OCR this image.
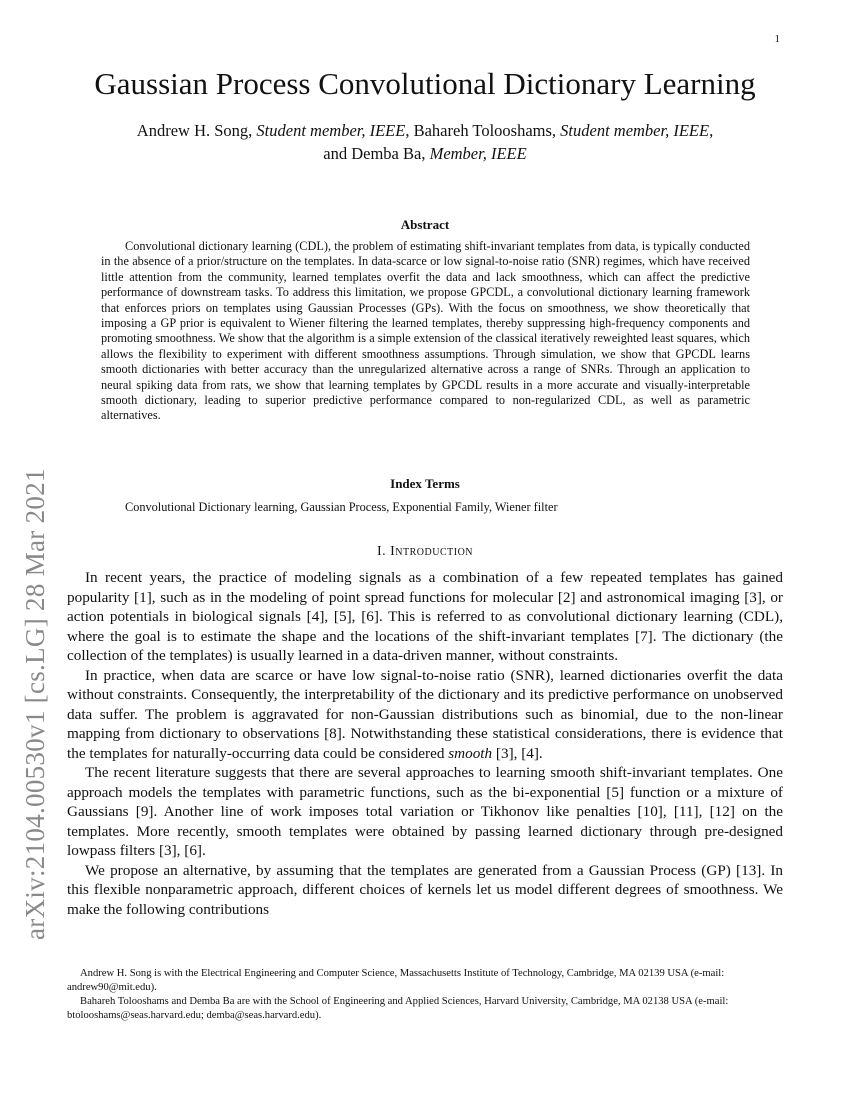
1
arXiv:2104.00530v1 [cs.LG] 28 Mar 2021
Gaussian Process Convolutional Dictionary Learning
Andrew H. Song, Student member, IEEE, Bahareh Tolooshams, Student member, IEEE,
and Demba Ba, Member, IEEE
Abstract

Convolutional dictionary learning (CDL), the problem of estimating shift-invariant templates from data, is typically conducted in the absence of a prior/structure on the templates. In data-scarce or low signal-to-noise ratio (SNR) regimes, which have received little attention from the community, learned templates overfit the data and lack smoothness, which can affect the predictive performance of downstream tasks. To address this limitation, we propose GPCDL, a convolutional dictionary learning framework that enforces priors on templates using Gaussian Processes (GPs). With the focus on smoothness, we show theoretically that imposing a GP prior is equivalent to Wiener filtering the learned templates, thereby suppressing high-frequency components and promoting smoothness. We show that the algorithm is a simple extension of the classical iteratively reweighted least squares, which allows the flexibility to experiment with different smoothness assumptions. Through simulation, we show that GPCDL learns smooth dictionaries with better accuracy than the unregularized alternative across a range of SNRs. Through an application to neural spiking data from rats, we show that learning templates by GPCDL results in a more accurate and visually-interpretable smooth dictionary, leading to superior predictive performance compared to non-regularized CDL, as well as parametric alternatives.

Index Terms

Convolutional Dictionary learning, Gaussian Process, Exponential Family, Wiener filter

I. Introduction

In recent years, the practice of modeling signals as a combination of a few repeated templates has gained popularity [1], such as in the modeling of point spread functions for molecular [2] and astronomical imaging [3], or action potentials in biological signals [4], [5], [6]. This is referred to as convolutional dictionary learning (CDL), where the goal is to estimate the shape and the locations of the shift-invariant templates [7]. The dictionary (the collection of the templates) is usually learned in a data-driven manner, without constraints.

In practice, when data are scarce or have low signal-to-noise ratio (SNR), learned dictionaries overfit the data without constraints. Consequently, the interpretability of the dictionary and its predictive performance on unobserved data suffer. The problem is aggravated for non-Gaussian distributions such as binomial, due to the non-linear mapping from dictionary to observations [8]. Notwithstanding these statistical considerations, there is evidence that the templates for naturally-occurring data could be considered smooth [3], [4].

The recent literature suggests that there are several approaches to learning smooth shift-invariant templates. One approach models the templates with parametric functions, such as the bi-exponential [5] function or a mixture of Gaussians [9]. Another line of work imposes total variation or Tikhonov like penalties [10], [11], [12] on the templates. More recently, smooth templates were obtained by passing learned dictionary through pre-designed lowpass filters [3], [6].

We propose an alternative, by assuming that the templates are generated from a Gaussian Process (GP) [13]. In this flexible nonparametric approach, different choices of kernels let us model different degrees of smoothness. We make the following contributions

Andrew H. Song is with the Electrical Engineering and Computer Science, Massachusetts Institute of Technology, Cambridge, MA 02139 USA (e-mail: andrew90@mit.edu).

Bahareh Tolooshams and Demba Ba are with the School of Engineering and Applied Sciences, Harvard University, Cambridge, MA 02138 USA (e-mail: btolooshams@seas.harvard.edu; demba@seas.harvard.edu).
